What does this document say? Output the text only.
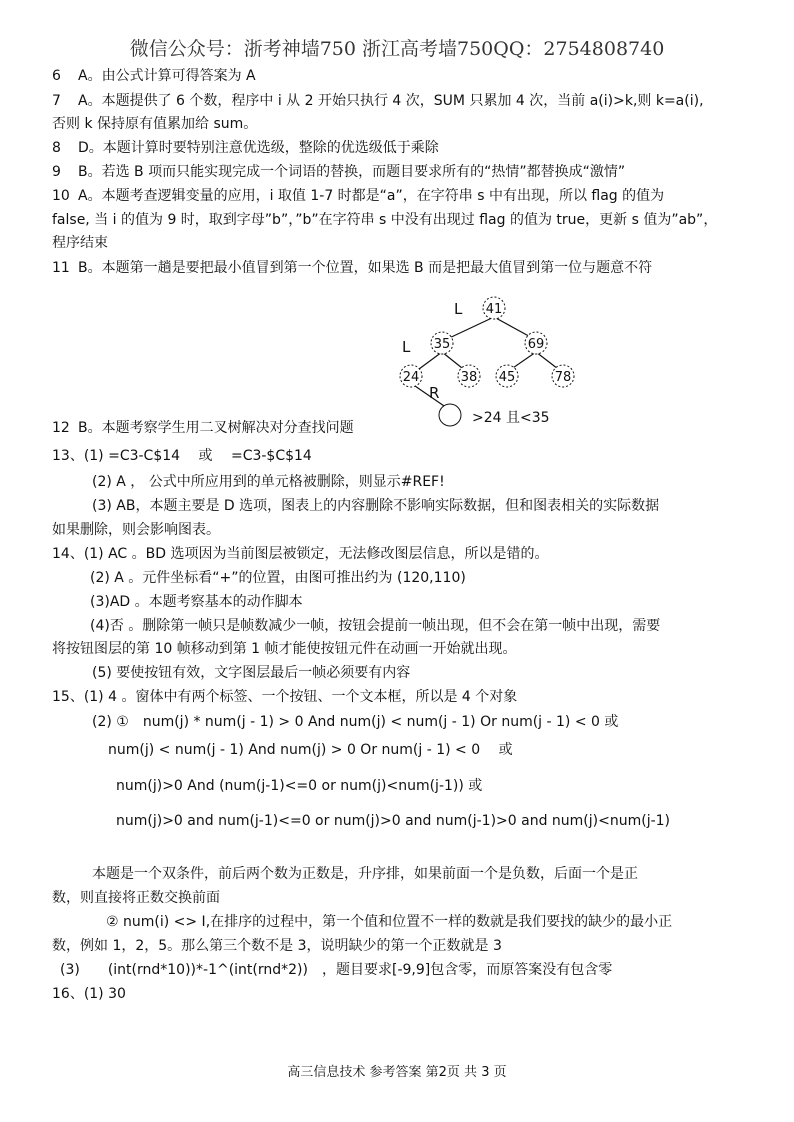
微信公众号：浙考神墙750 浙江高考墙750QQ：2754808740
6 A。由公式计算可得答案为 A
7 A。本题提供了 6 个数，程序中 i 从 2 开始只执行 4 次，SUM 只累加 4 次，当前 a(i)>k,则 k=a(i),
否则 k 保持原有值累加给 sum。
8 D。本题计算时要特别注意优选级，整除的优选级低于乘除
9 B。若选 B 项而只能实现完成一个词语的替换，而题目要求所有的“热情”都替换成“激情”
10 A。本题考查逻辑变量的应用，i 取值 1-7 时都是“a”，在字符串 s 中有出现，所以 flag 的值为
false, 当 i 的值为 9 时，取到字母”b”，”b”在字符串 s 中没有出现过 flag 的值为 true，更新 s 值为”ab”，
程序结束
11 B。本题第一趟是要把最小值冒到第一个位置，如果选 B 而是把最大值冒到第一位与题意不符
41
35	69
24	38 45	78
L
L
R
>24 且<35
12 B。本题考察学生用二叉树解决对分查找问题
13、(1) =C3-C$14　 或　 =C3-$C$14
(2) A ， 公式中所应用到的单元格被删除，则显示#REF!
(3) AB，本题主要是 D 选项，图表上的内容删除不影响实际数据，但和图表相关的实际数据
如果删除，则会影响图表。
14、(1) AC 。BD 选项因为当前图层被锁定，无法修改图层信息，所以是错的。
(2) A 。元件坐标看“+”的位置，由图可推出约为 (120,110)
(3)AD 。本题考察基本的动作脚本
(4)否 。删除第一帧只是帧数减少一帧，按钮会提前一帧出现，但不会在第一帧中出现，需要
将按钮图层的第 10 帧移动到第 1 帧才能使按钮元件在动画一开始就出现。
(5) 要使按钮有效，文字图层最后一帧必须要有内容
15、(1) 4 。窗体中有两个标签、一个按钮、一个文本框，所以是 4 个对象
(2) ①　num(j) * num(j - 1) > 0 And num(j) < num(j - 1) Or num(j - 1) < 0 或
num(j) < num(j - 1) And num(j) > 0 Or num(j - 1) < 0　 或
num(j)>0 And (num(j-1)<=0 or num(j)<num(j-1)) 或
num(j)>0 and num(j-1)<=0 or num(j)>0 and num(j-1)>0 and num(j)<num(j-1)
本题是一个双条件，前后两个数为正数是，升序排，如果前面一个是负数，后面一个是正
数，则直接将正数交换前面
② num(i) <> I,在排序的过程中，第一个值和位置不一样的数就是我们要找的缺少的最小正
数，例如 1，2，5。那么第三个数不是 3，说明缺少的第一个正数就是 3
(3)　　(int(rnd*10))*-1^(int(rnd*2))　，题目要求[-9,9]包含零，而原答案没有包含零
16、(1) 30
高三信息技术 参考答案 第2页 共 3 页
